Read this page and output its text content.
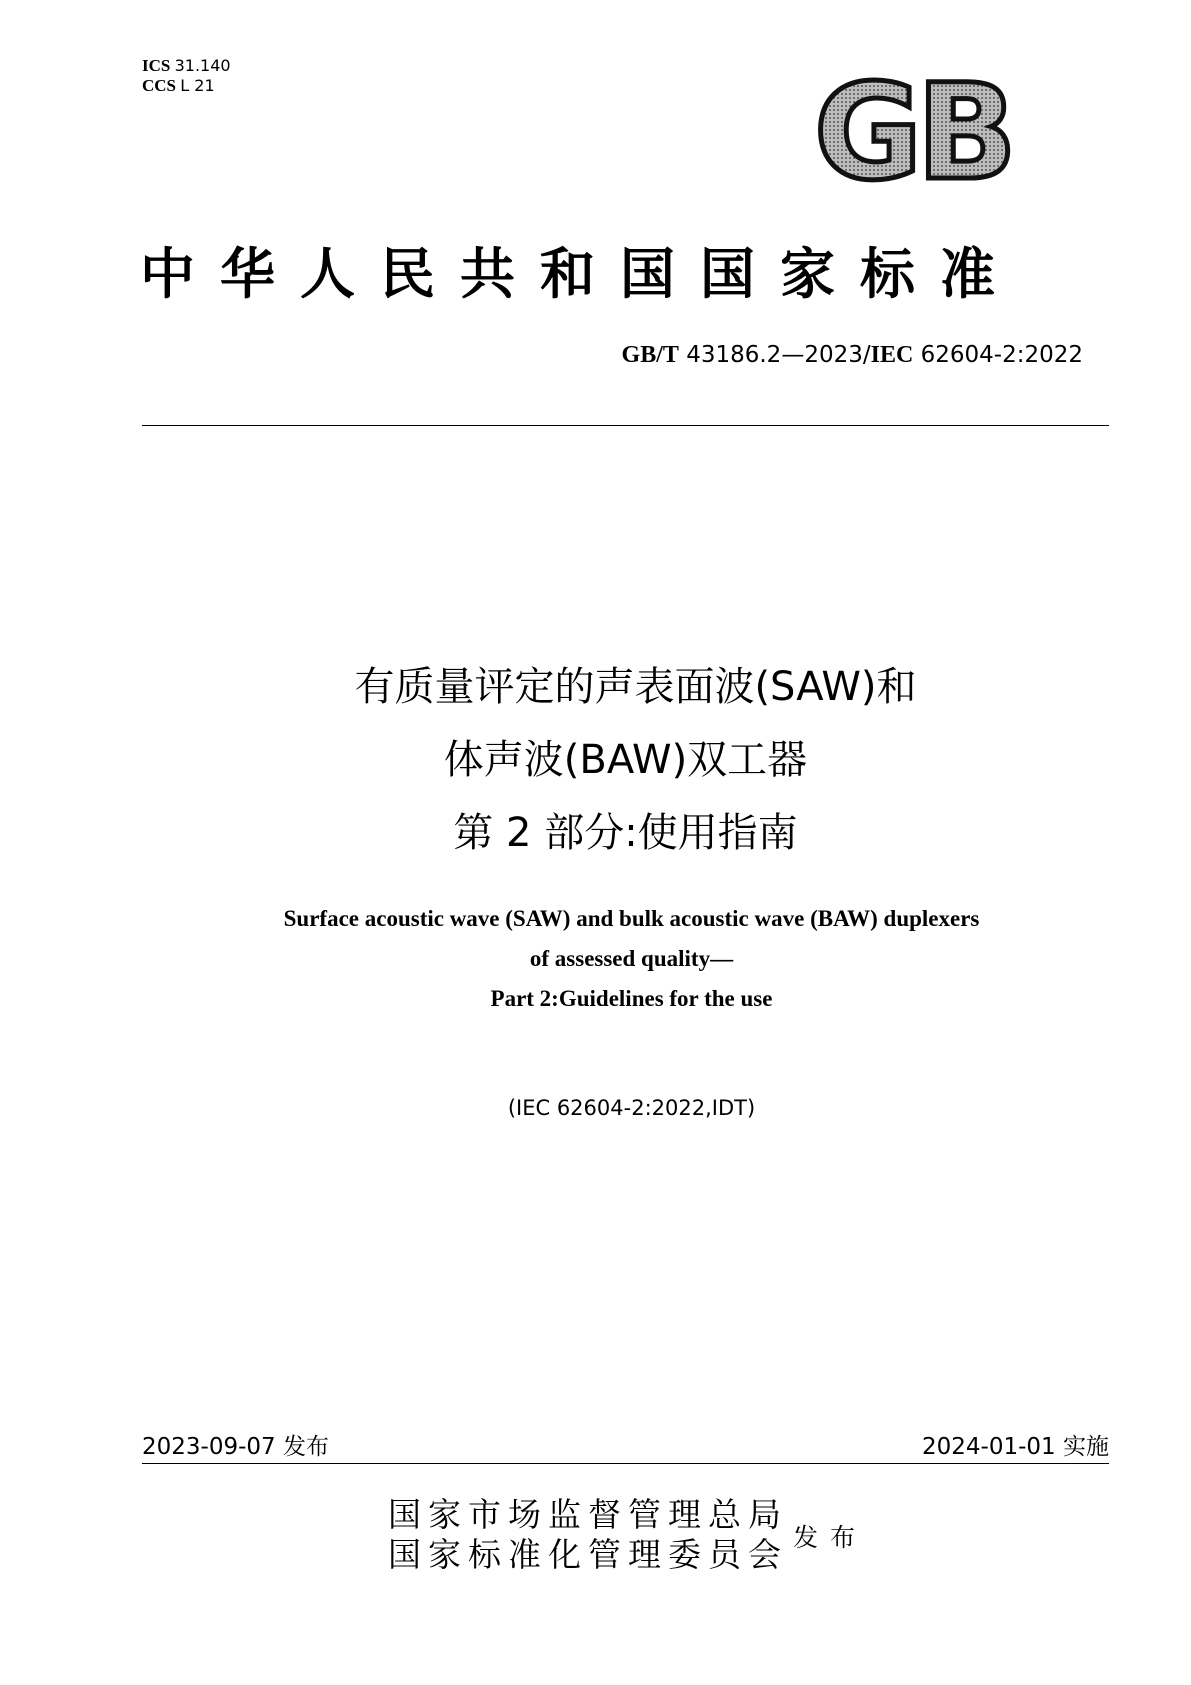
ICS 31.140
CCS L 21	GB
中华人民共和国国家标准
GB/T 43186.2—2023/IEC 62604-2:2022
有质量评定的声表面波(SAW)和
体声波(BAW)双工器
第 2 部分:使用指南
Surface acoustic wave (SAW) and bulk acoustic wave (BAW) duplexers
of assessed quality—
Part 2:Guidelines for the use
(IEC 62604-2:2022,IDT)
2023-09-07 发布	2024-01-01 实施
国家市场监督管理总局
国家标准化管理委员会 发布
